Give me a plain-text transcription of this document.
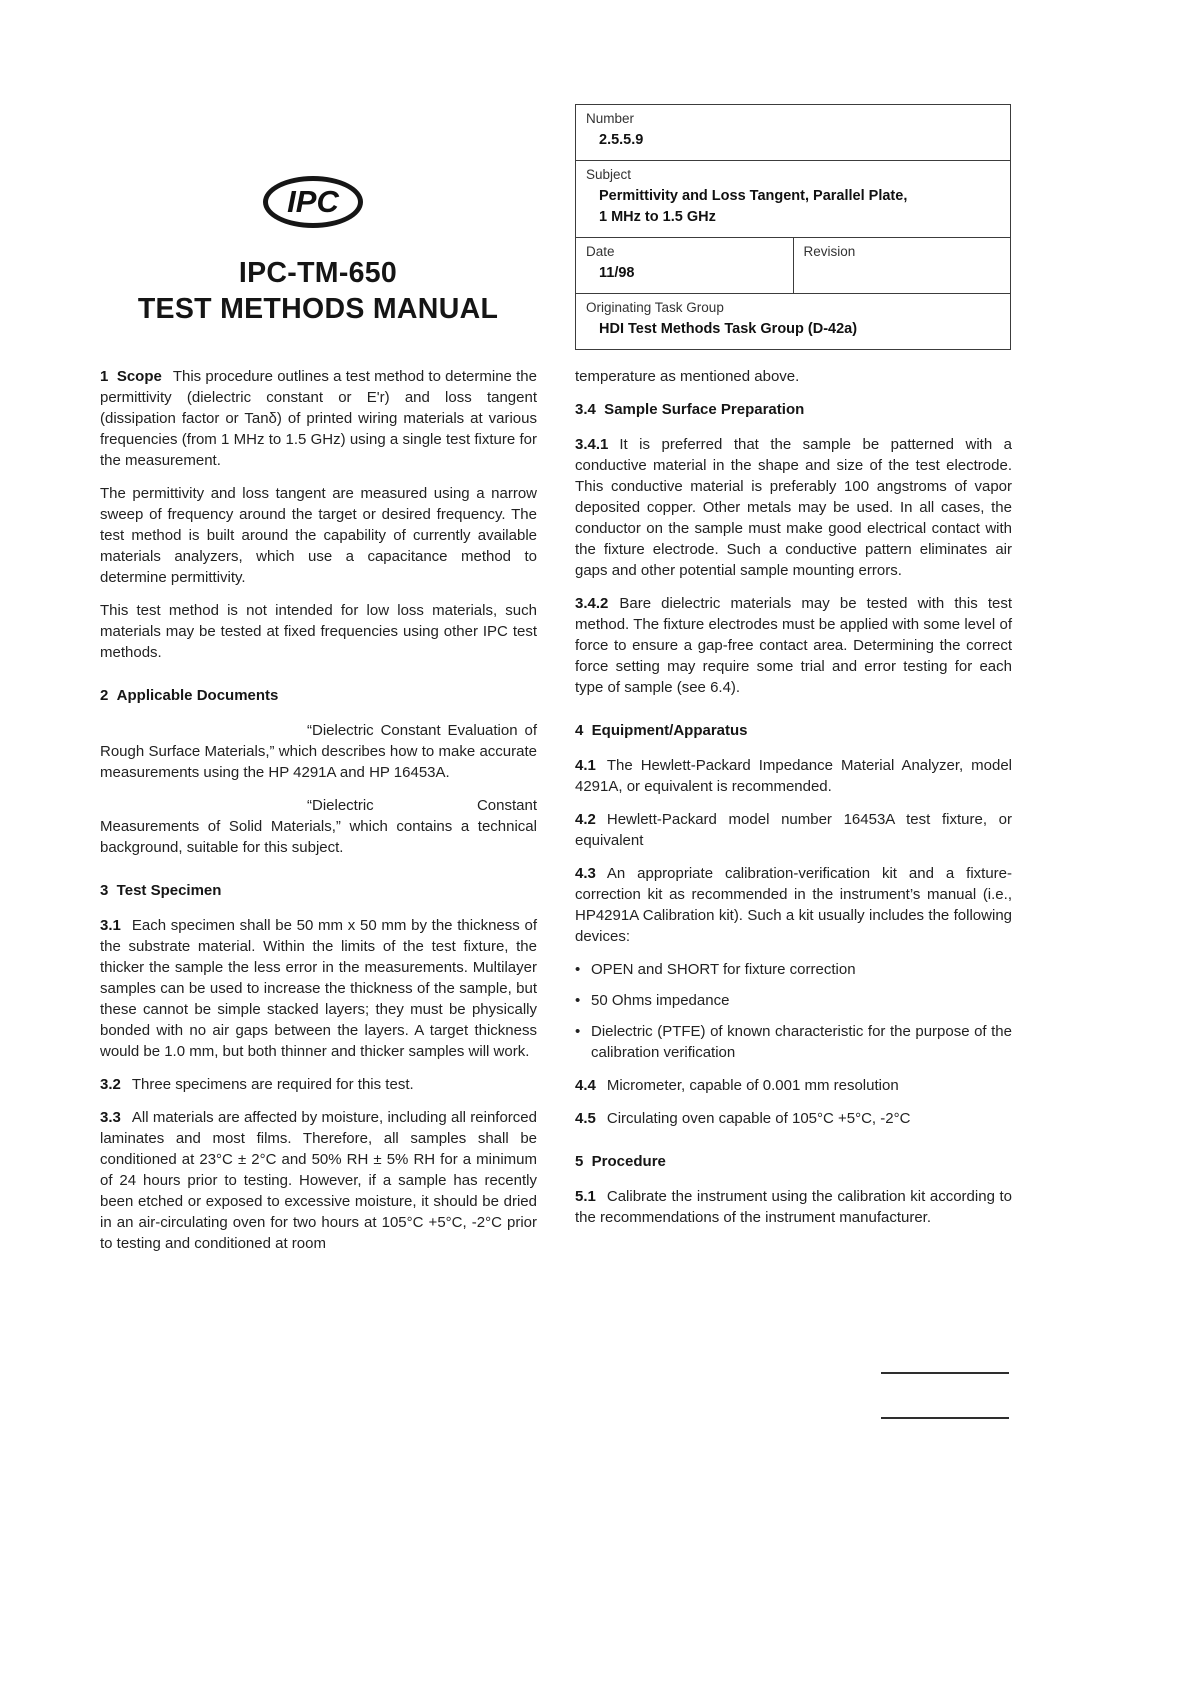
IPC
IPC-TM-650
TEST METHODS MANUAL
Number
2.5.5.9
Subject
Permittivity and Loss Tangent, Parallel Plate,
1 MHz to 1.5 GHz
Date
11/98
Revision
Originating Task Group
HDI Test Methods Task Group (D-42a)

1  Scope This procedure outlines a test method to determine the permittivity (dielectric constant or E'r) and loss tangent (dissipation factor or Tanδ) of printed wiring materials at various frequencies (from 1 MHz to 1.5 GHz) using a single test fixture for the measurement.

The permittivity and loss tangent are measured using a narrow sweep of frequency around the target or desired frequency. The test method is built around the capability of currently available materials analyzers, which use a capacitance method to determine permittivity.

This test method is not intended for low loss materials, such materials may be tested at fixed frequencies using other IPC test methods.

2  Applicable Documents

“Dielectric Constant Evaluation of Rough Surface Materials,” which describes how to make accurate measurements using the HP 4291A and HP 16453A.

“Dielectric Constant Measurements of Solid Materials,” which contains a technical background, suitable for this subject.

3  Test Specimen

3.1 Each specimen shall be 50 mm x 50 mm by the thickness of the substrate material. Within the limits of the test fixture, the thicker the sample the less error in the measurements. Multilayer samples can be used to increase the thickness of the sample, but these cannot be simple stacked layers; they must be physically bonded with no air gaps between the layers. A target thickness would be 1.0 mm, but both thinner and thicker samples will work.

3.2 Three specimens are required for this test.

3.3 All materials are affected by moisture, including all reinforced laminates and most films. Therefore, all samples shall be conditioned at 23°C ± 2°C and 50% RH ± 5% RH for a minimum of 24 hours prior to testing. However, if a sample has recently been etched or exposed to excessive moisture, it should be dried in an air-circulating oven for two hours at 105°C +5°C, -2°C prior to testing and conditioned at room

temperature as mentioned above.

3.4  Sample Surface Preparation

3.4.1 It is preferred that the sample be patterned with a conductive material in the shape and size of the test electrode. This conductive material is preferably 100 angstroms of vapor deposited copper. Other metals may be used. In all cases, the conductor on the sample must make good electrical contact with the fixture electrode. Such a conductive pattern eliminates air gaps and other potential sample mounting errors.

3.4.2 Bare dielectric materials may be tested with this test method. The fixture electrodes must be applied with some level of force to ensure a gap-free contact area. Determining the correct force setting may require some trial and error testing for each type of sample (see 6.4).

4  Equipment/Apparatus

4.1 The Hewlett-Packard Impedance Material Analyzer, model 4291A, or equivalent is recommended.

4.2 Hewlett-Packard model number 16453A test fixture, or equivalent

4.3 An appropriate calibration-verification kit and a fixture-correction kit as recommended in the instrument’s manual (i.e., HP4291A Calibration kit). Such a kit usually includes the following devices:

• OPEN and SHORT for fixture correction
• 50 Ohms impedance
• Dielectric (PTFE) of known characteristic for the purpose of the calibration verification

4.4 Micrometer, capable of 0.001 mm resolution

4.5 Circulating oven capable of 105°C +5°C, -2°C

5  Procedure

5.1 Calibrate the instrument using the calibration kit according to the recommendations of the instrument manufacturer.
